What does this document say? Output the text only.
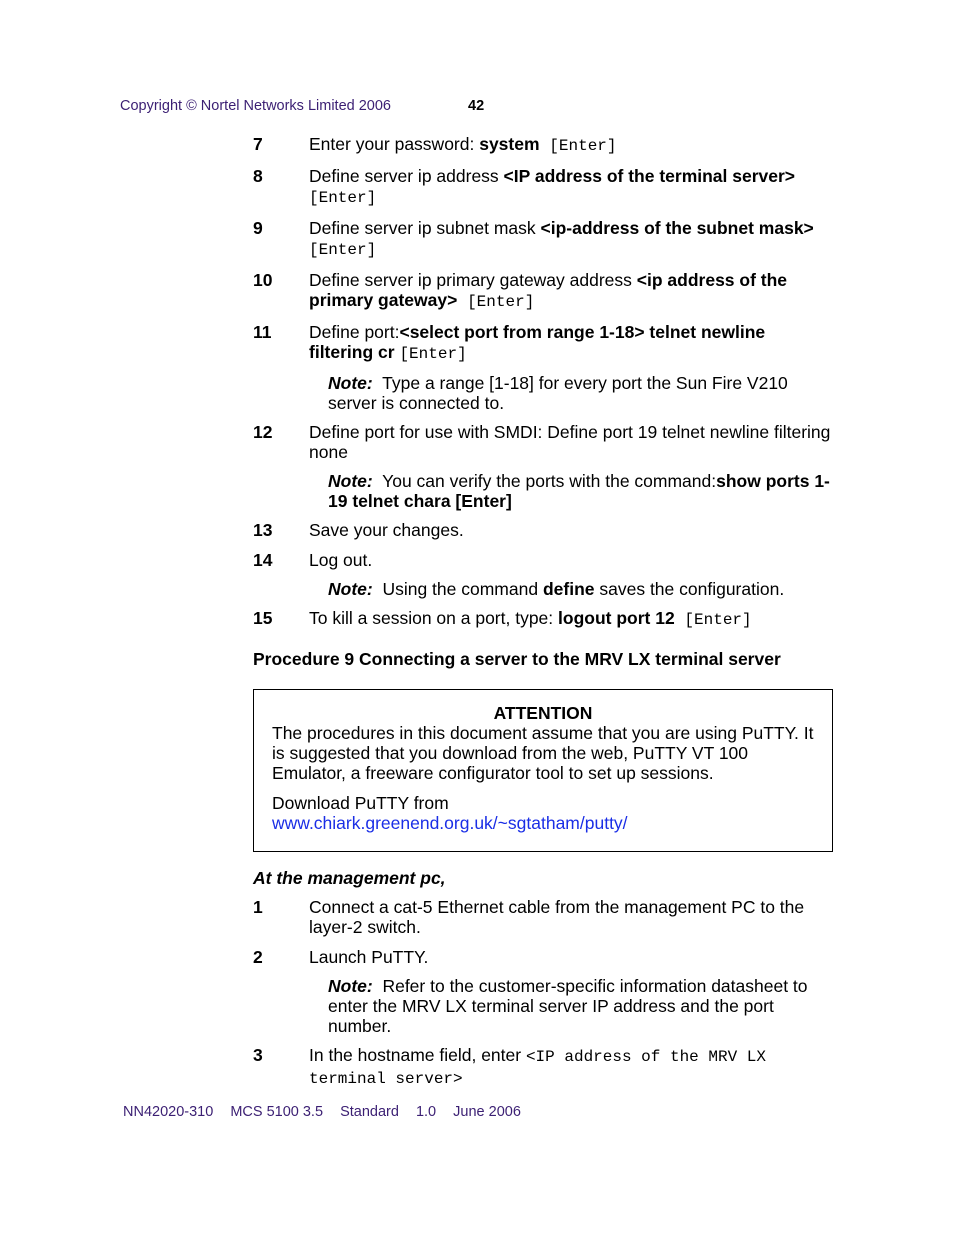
Copyright © Nortel Networks Limited 2006	42
7	Enter your password: system [Enter]
8	Define server ip address <IP address of the terminal server>
[Enter]
9	Define server ip subnet mask <ip-address of the subnet mask> [Enter]
10 Define server ip primary gateway address <ip address of the primary gateway> [Enter]
11 Define port:<select port from range 1-18> telnet newline filtering cr [Enter]
Note: Type a range [1-18] for every port the Sun Fire V210 server is connected to.
12 Define port for use with SMDI: Define port 19 telnet newline filtering none
Note: You can verify the ports with the command:show ports 1-19 telnet chara [Enter]
13 Save your changes.
14 Log out.
Note: Using the command define saves the configuration.
15 To kill a session on a port, type: logout port 12 [Enter]
Procedure 9 Connecting a server to the MRV LX terminal server
ATTENTION

The procedures in this document assume that you are using PuTTY. It is suggested that you download from the web, PuTTY VT 100 Emulator, a freeware configurator tool to set up sessions.

Download PuTTY from

www.chiark.greenend.org.uk/~sgtatham/putty/

At the management pc,
1	Connect a cat-5 Ethernet cable from the management PC to the layer-2 switch.
2	Launch PuTTY.
Note: Refer to the customer-specific information datasheet to enter the MRV LX terminal server IP address and the port number.
3	In the hostname field, enter <IP address of the MRV LX terminal server>
NN42020-310 MCS 5100 3.5 Standard 1.0 June 2006
